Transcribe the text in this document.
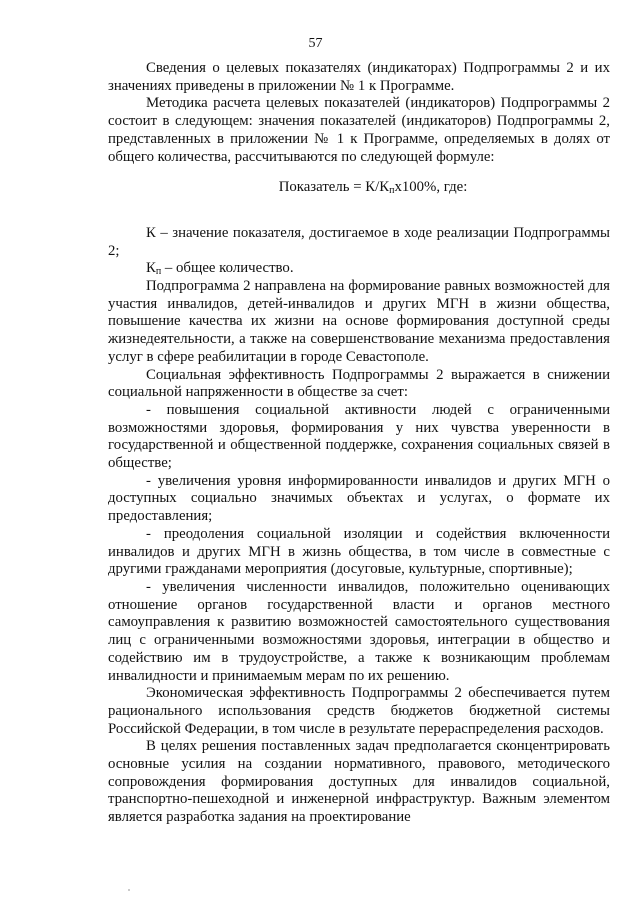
57

Сведения о целевых показателях (индикаторах) Подпрограммы 2 и их значениях приведены в приложении № 1 к Программе.

Методика расчета целевых показателей (индикаторов) Подпрограммы 2 состоит в следующем: значения показателей (индикаторов) Подпрограммы 2, представленных в приложении № 1 к Программе, определяемых в долях от общего количества, рассчитываются по следующей формуле:

Показатель = $К/К_пх100\%$, где:

К – значение показателя, достигаемое в ходе реализации Подпрограммы 2;

$К_п$ – общее количество.

Подпрограмма 2 направлена на формирование равных возможностей для участия инвалидов, детей-инвалидов и других МГН в жизни общества, повышение качества их жизни на основе формирования доступной среды жизнедеятельности, а также на совершенствование механизма предоставления услуг в сфере реабилитации в городе Севастополе.

Социальная эффективность Подпрограммы 2 выражается в снижении социальной напряженности в обществе за счет:

- повышения социальной активности людей с ограниченными возможностями здоровья, формирования у них чувства уверенности в государственной и общественной поддержке, сохранения социальных связей в обществе;

- увеличения уровня информированности инвалидов и других МГН о доступных социально значимых объектах и услугах, о формате их предоставления;

- преодоления социальной изоляции и содействия включенности инвалидов и других МГН в жизнь общества, в том числе в совместные с другими гражданами мероприятия (досуговые, культурные, спортивные);

- увеличения численности инвалидов, положительно оценивающих отношение органов государственной власти и органов местного самоуправления к развитию возможностей самостоятельного существования лиц с ограниченными возможностями здоровья, интеграции в общество и содействию им в трудоустройстве, а также к возникающим проблемам инвалидности и принимаемым мерам по их решению.

Экономическая эффективность Подпрограммы 2 обеспечивается путем рационального использования средств бюджетов бюджетной системы Российской Федерации, в том числе в результате перераспределения расходов.

В целях решения поставленных задач предполагается сконцентрировать основные усилия на создании нормативного, правового, методического сопровождения формирования доступных для инвалидов социальной, транспортно-пешеходной и инженерной инфраструктур. Важным элементом является разработка задания на проектирование
